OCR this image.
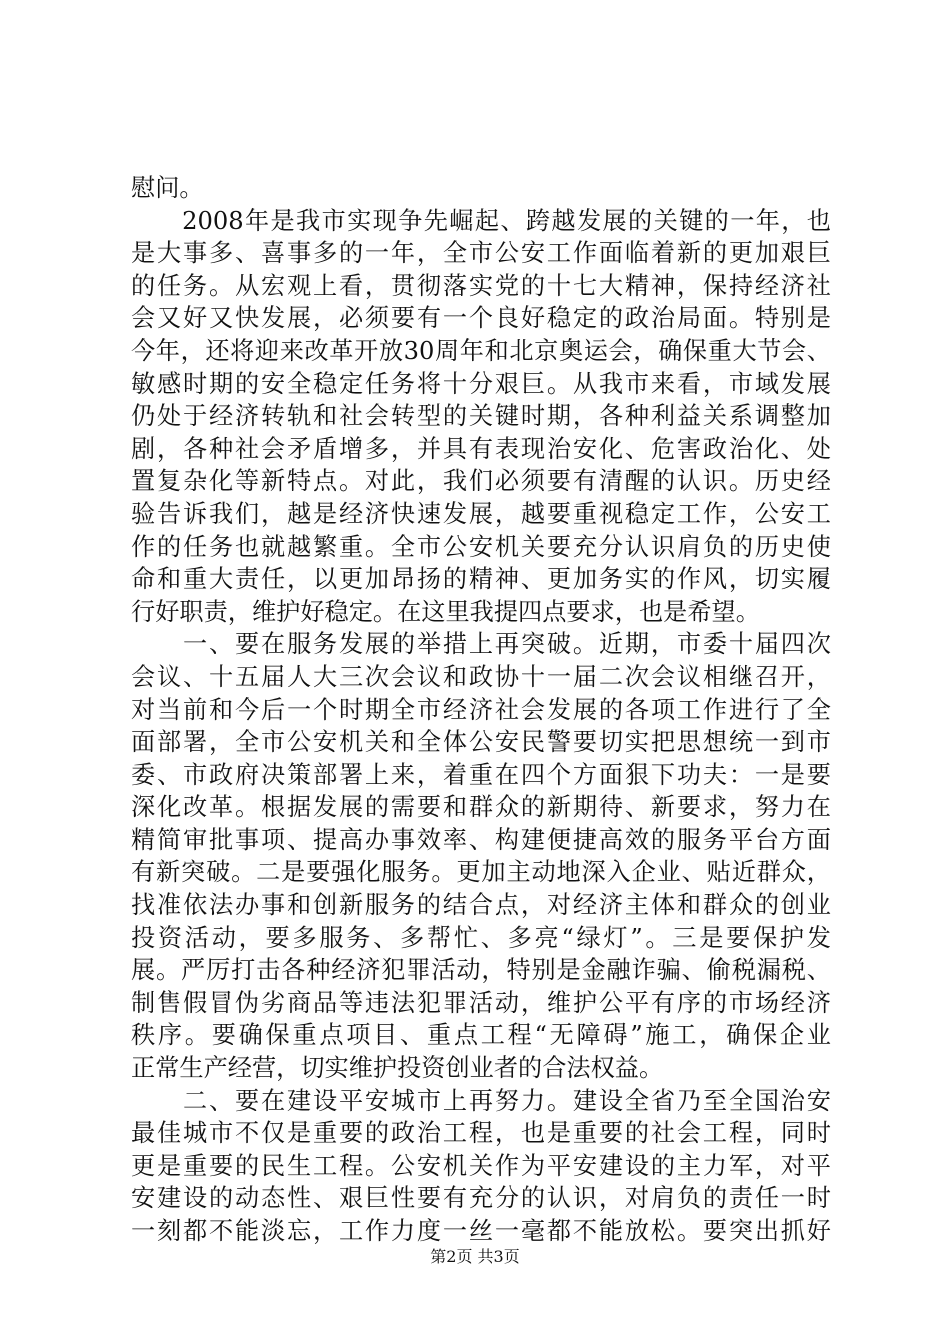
慰问。
　　2008年是我市实现争先崛起、跨越发展的关键的一年，也
是大事多、喜事多的一年，全市公安工作面临着新的更加艰巨
的任务。从宏观上看，贯彻落实党的十七大精神，保持经济社
会又好又快发展，必须要有一个良好稳定的政治局面。特别是
今年，还将迎来改革开放30周年和北京奥运会，确保重大节会、
敏感时期的安全稳定任务将十分艰巨。从我市来看，市域发展
仍处于经济转轨和社会转型的关键时期，各种利益关系调整加
剧，各种社会矛盾增多，并具有表现治安化、危害政治化、处
置复杂化等新特点。对此，我们必须要有清醒的认识。历史经
验告诉我们，越是经济快速发展，越要重视稳定工作，公安工
作的任务也就越繁重。全市公安机关要充分认识肩负的历史使
命和重大责任，以更加昂扬的精神、更加务实的作风，切实履
行好职责，维护好稳定。在这里我提四点要求，也是希望。
　　一、要在服务发展的举措上再突破。近期，市委十届四次
会议、十五届人大三次会议和政协十一届二次会议相继召开，
对当前和今后一个时期全市经济社会发展的各项工作进行了全
面部署，全市公安机关和全体公安民警要切实把思想统一到市
委、市政府决策部署上来，着重在四个方面狠下功夫：一是要
深化改革。根据发展的需要和群众的新期待、新要求，努力在
精简审批事项、提高办事效率、构建便捷高效的服务平台方面
有新突破。二是要强化服务。更加主动地深入企业、贴近群众，
找准依法办事和创新服务的结合点，对经济主体和群众的创业
投资活动，要多服务、多帮忙、多亮“绿灯”。三是要保护发
展。严厉打击各种经济犯罪活动，特别是金融诈骗、偷税漏税、
制售假冒伪劣商品等违法犯罪活动，维护公平有序的市场经济
秩序。要确保重点项目、重点工程“无障碍”施工，确保企业
正常生产经营，切实维护投资创业者的合法权益。
　　二、要在建设平安城市上再努力。建设全省乃至全国治安
最佳城市不仅是重要的政治工程，也是重要的社会工程，同时
更是重要的民生工程。公安机关作为平安建设的主力军，对平
安建设的动态性、艰巨性要有充分的认识，对肩负的责任一时
一刻都不能淡忘，工作力度一丝一毫都不能放松。要突出抓好
第2页 共3页
